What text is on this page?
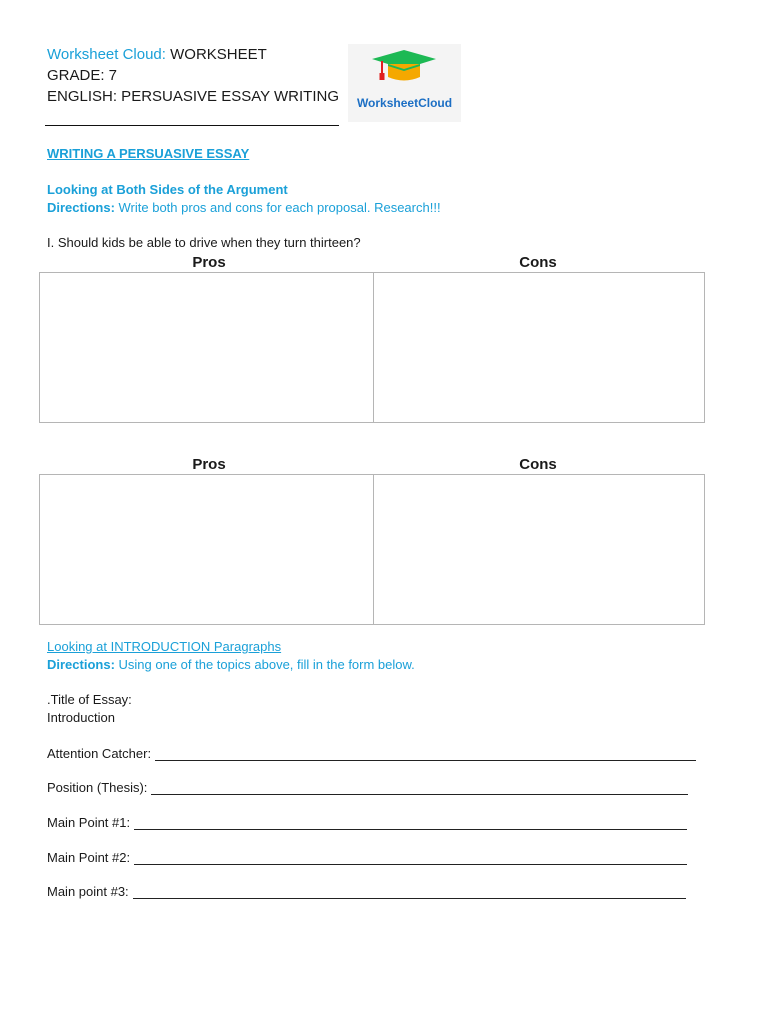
Worksheet Cloud: WORKSHEET
GRADE: 7
ENGLISH: PERSUASIVE ESSAY WRITING	WorksheetCloud
WRITING A PERSUASIVE ESSAY
Looking at Both Sides of the Argument
Directions: Write both pros and cons for each proposal. Research!!!
I. Should kids be able to drive when they turn thirteen?
Pros	Cons
Pros	Cons
Looking at INTRODUCTION Paragraphs
Directions: Using one of the topics above, fill in the form below.
.Title of Essay:
Introduction
Attention Catcher:
Position (Thesis):
Main Point #1:
Main Point #2:
Main point #3:
